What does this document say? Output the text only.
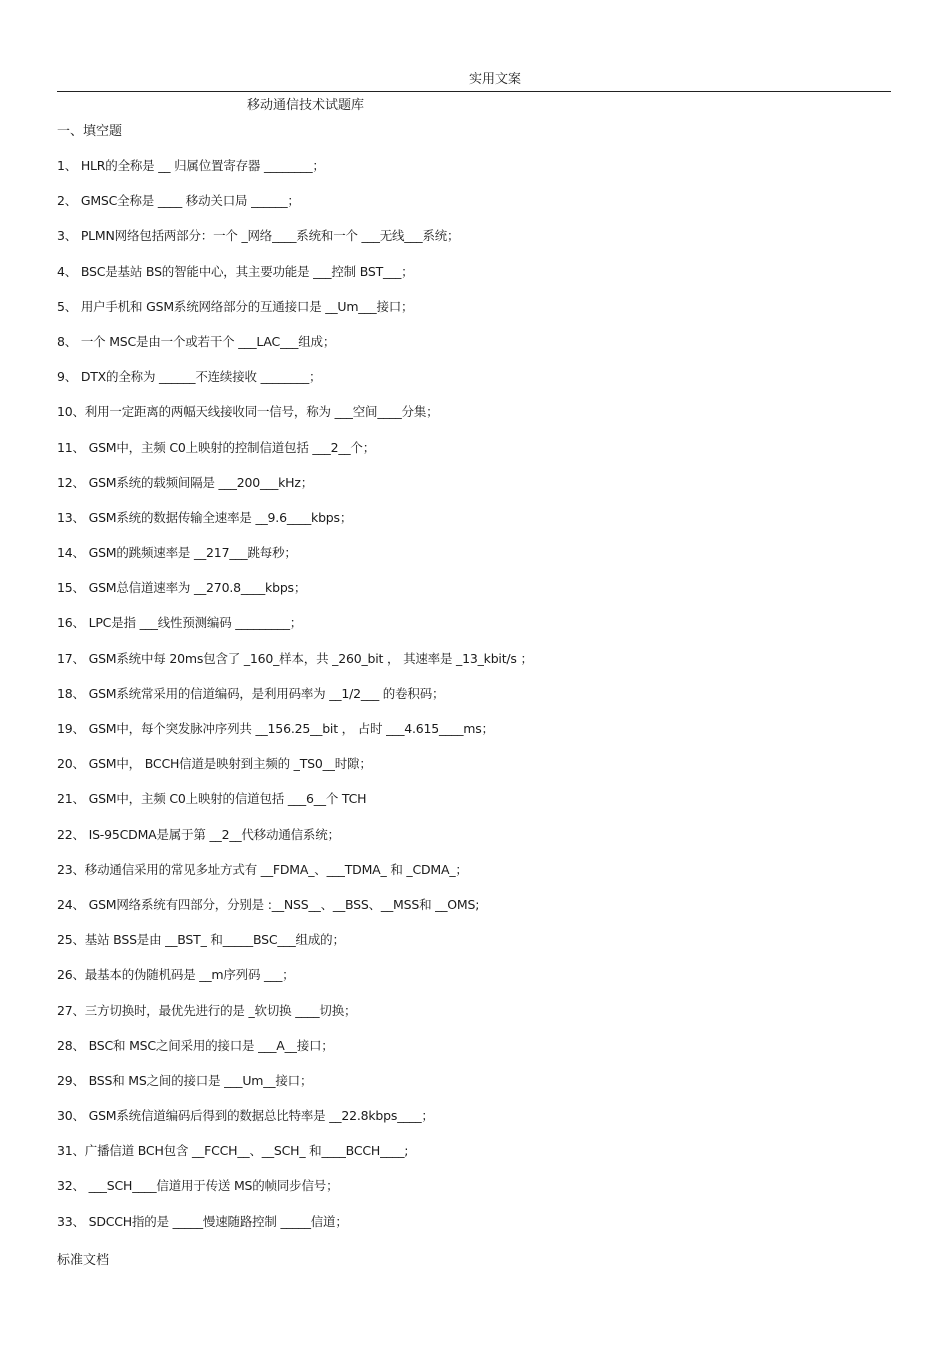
实用文案
移动通信技术试题库
一、填空题
1、 HLR的全称是 __ 归属位置寄存器 ________；
2、 GMSC全称是 ____ 移动关口局 ______；
3、 PLMN网络包括两部分：一个 _网络____系统和一个 ___无线___系统；
4、 BSC是基站 BS的智能中心，其主要功能是 ___控制 BST___；
5、 用户手机和 GSM系统网络部分的互通接口是 __Um___接口；
8、 一个 MSC是由一个或若干个 ___LAC___组成；
9、 DTX的全称为 ______不连续接收 ________；
10、利用一定距离的两幅天线接收同一信号，称为 ___空间____分集；
11、 GSM中，主频 C0上映射的控制信道包括 ___2__个；
12、 GSM系统的载频间隔是 ___200___kHz；
13、 GSM系统的数据传输全速率是 __9.6____kbps；
14、 GSM的跳频速率是 __217___跳每秒；
15、 GSM总信道速率为 __270.8____kbps；
16、 LPC是指 ___线性预测编码 _________；
17、 GSM系统中每 20ms包含了 _160_样本，共 _260_bit ， 其速率是 _13_kbit/s ；
18、 GSM系统常采用的信道编码，是利用码率为 __1/2___ 的卷积码；
19、 GSM中，每个突发脉冲序列共 __156.25__bit ， 占时 ___4.615____ms；
20、 GSM中， BCCH信道是映射到主频的 _TS0__时隙；
21、 GSM中，主频 C0上映射的信道包括 ___6__个 TCH
22、 IS-95CDMA是属于第 __2__代移动通信系统；
23、移动通信采用的常见多址方式有 __FDMA_、___TDMA_ 和 _CDMA_；
24、 GSM网络系统有四部分，分别是 :__NSS__、__BSS、__MSS和 __OMS;
25、基站 BSS是由 __BST_ 和_____BSC___组成的；
26、最基本的伪随机码是 __m序列码 ___；
27、三方切换时，最优先进行的是 _软切换 ____切换；
28、 BSC和 MSC之间采用的接口是 ___A__接口；
29、 BSS和 MS之间的接口是 ___Um__接口；
30、 GSM系统信道编码后得到的数据总比特率是 __22.8kbps____；
31、广播信道 BCH包含 __FCCH__、__SCH_ 和____BCCH____;
32、 ___SCH____信道用于传送 MS的帧同步信号；
33、 SDCCH指的是 _____慢速随路控制 _____信道；
标准文档
